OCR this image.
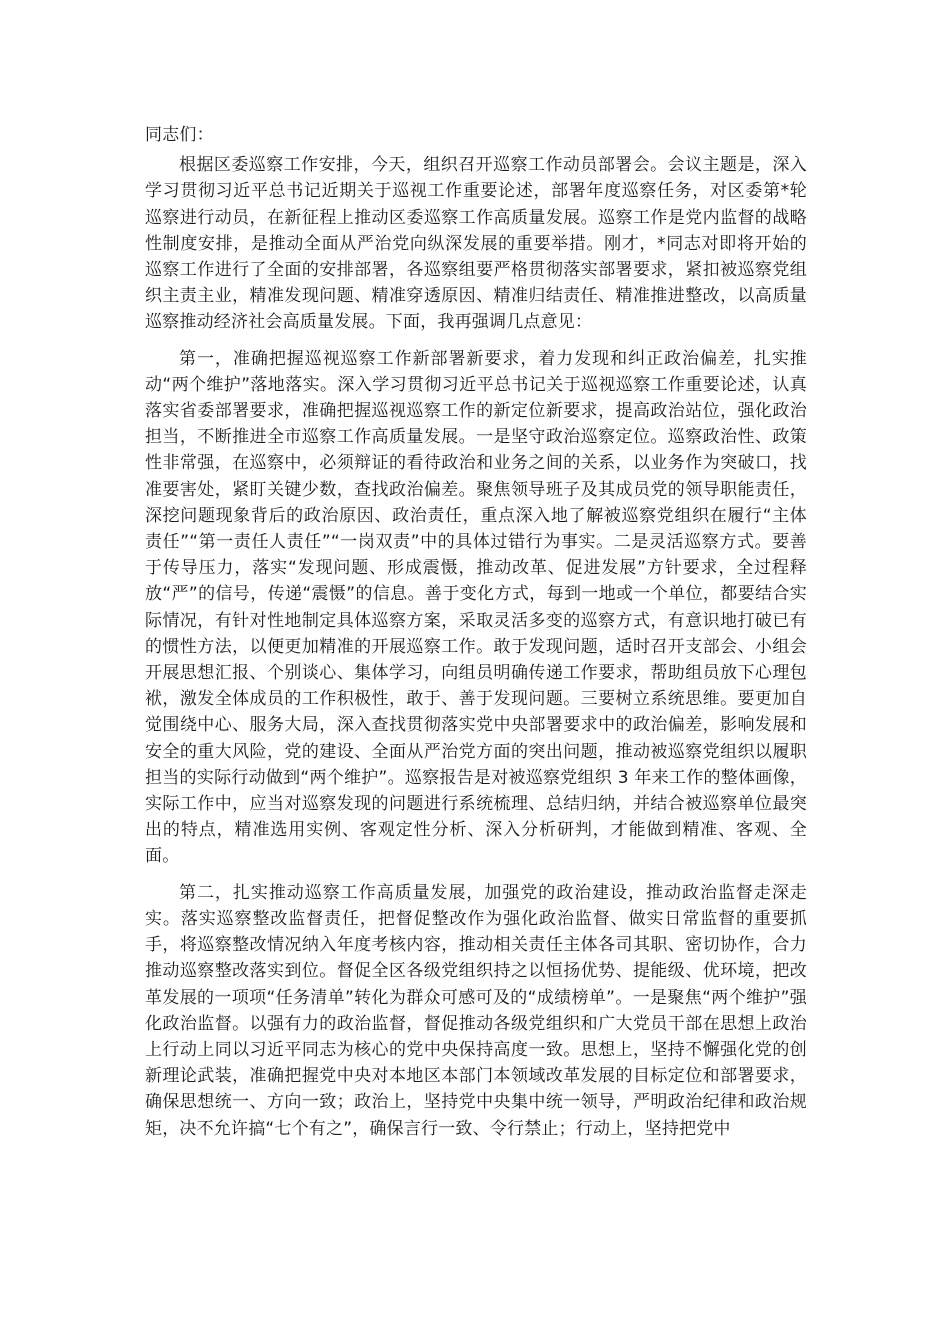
同志们：

根据区委巡察工作安排，今天，组织召开巡察工作动员部署会。会议主题是，深入学习贯彻习近平总书记近期关于巡视工作重要论述，部署年度巡察任务，对区委第*轮巡察进行动员，在新征程上推动区委巡察工作高质量发展。巡察工作是党内监督的战略性制度安排，是推动全面从严治党向纵深发展的重要举措。刚才，*同志对即将开始的巡察工作进行了全面的安排部署，各巡察组要严格贯彻落实部署要求，紧扣被巡察党组织主责主业，精准发现问题、精准穿透原因、精准归结责任、精准推进整改，以高质量巡察推动经济社会高质量发展。下面，我再强调几点意见：

第一，准确把握巡视巡察工作新部署新要求，着力发现和纠正政治偏差，扎实推动“两个维护”落地落实。深入学习贯彻习近平总书记关于巡视巡察工作重要论述，认真落实省委部署要求，准确把握巡视巡察工作的新定位新要求，提高政治站位，强化政治担当，不断推进全市巡察工作高质量发展。一是坚守政治巡察定位。巡察政治性、政策性非常强，在巡察中，必须辩证的看待政治和业务之间的关系，以业务作为突破口，找准要害处，紧盯关键少数，查找政治偏差。聚焦领导班子及其成员党的领导职能责任，深挖问题现象背后的政治原因、政治责任，重点深入地了解被巡察党组织在履行“主体责任”“第一责任人责任”“一岗双责”中的具体过错行为事实。二是灵活巡察方式。要善于传导压力，落实“发现问题、形成震慑，推动改革、促进发展”方针要求，全过程释放“严”的信号，传递“震慑”的信息。善于变化方式，每到一地或一个单位，都要结合实际情况，有针对性地制定具体巡察方案，采取灵活多变的巡察方式，有意识地打破已有的惯性方法，以便更加精准的开展巡察工作。敢于发现问题，适时召开支部会、小组会开展思想汇报、个别谈心、集体学习，向组员明确传递工作要求，帮助组员放下心理包袱，激发全体成员的工作积极性，敢于、善于发现问题。三要树立系统思维。要更加自觉围绕中心、服务大局，深入查找贯彻落实党中央部署要求中的政治偏差，影响发展和安全的重大风险，党的建设、全面从严治党方面的突出问题，推动被巡察党组织以履职担当的实际行动做到“两个维护”。巡察报告是对被巡察党组织 3 年来工作的整体画像，实际工作中，应当对巡察发现的问题进行系统梳理、总结归纳，并结合被巡察单位最突出的特点，精准选用实例、客观定性分析、深入分析研判，才能做到精准、客观、全面。

第二，扎实推动巡察工作高质量发展，加强党的政治建设，推动政治监督走深走实。落实巡察整改监督责任，把督促整改作为强化政治监督、做实日常监督的重要抓手，将巡察整改情况纳入年度考核内容，推动相关责任主体各司其职、密切协作，合力推动巡察整改落实到位。督促全区各级党组织持之以恒扬优势、提能级、优环境，把改革发展的一项项“任务清单”转化为群众可感可及的“成绩榜单”。一是聚焦“两个维护”强化政治监督。以强有力的政治监督，督促推动各级党组织和广大党员干部在思想上政治上行动上同以习近平同志为核心的党中央保持高度一致。思想上，坚持不懈强化党的创新理论武装，准确把握党中央对本地区本部门本领域改革发展的目标定位和部署要求，确保思想统一、方向一致；政治上，坚持党中央集中统一领导，严明政治纪律和政治规矩，决不允许搞“七个有之”，确保言行一致、令行禁止；行动上，坚持把党中
